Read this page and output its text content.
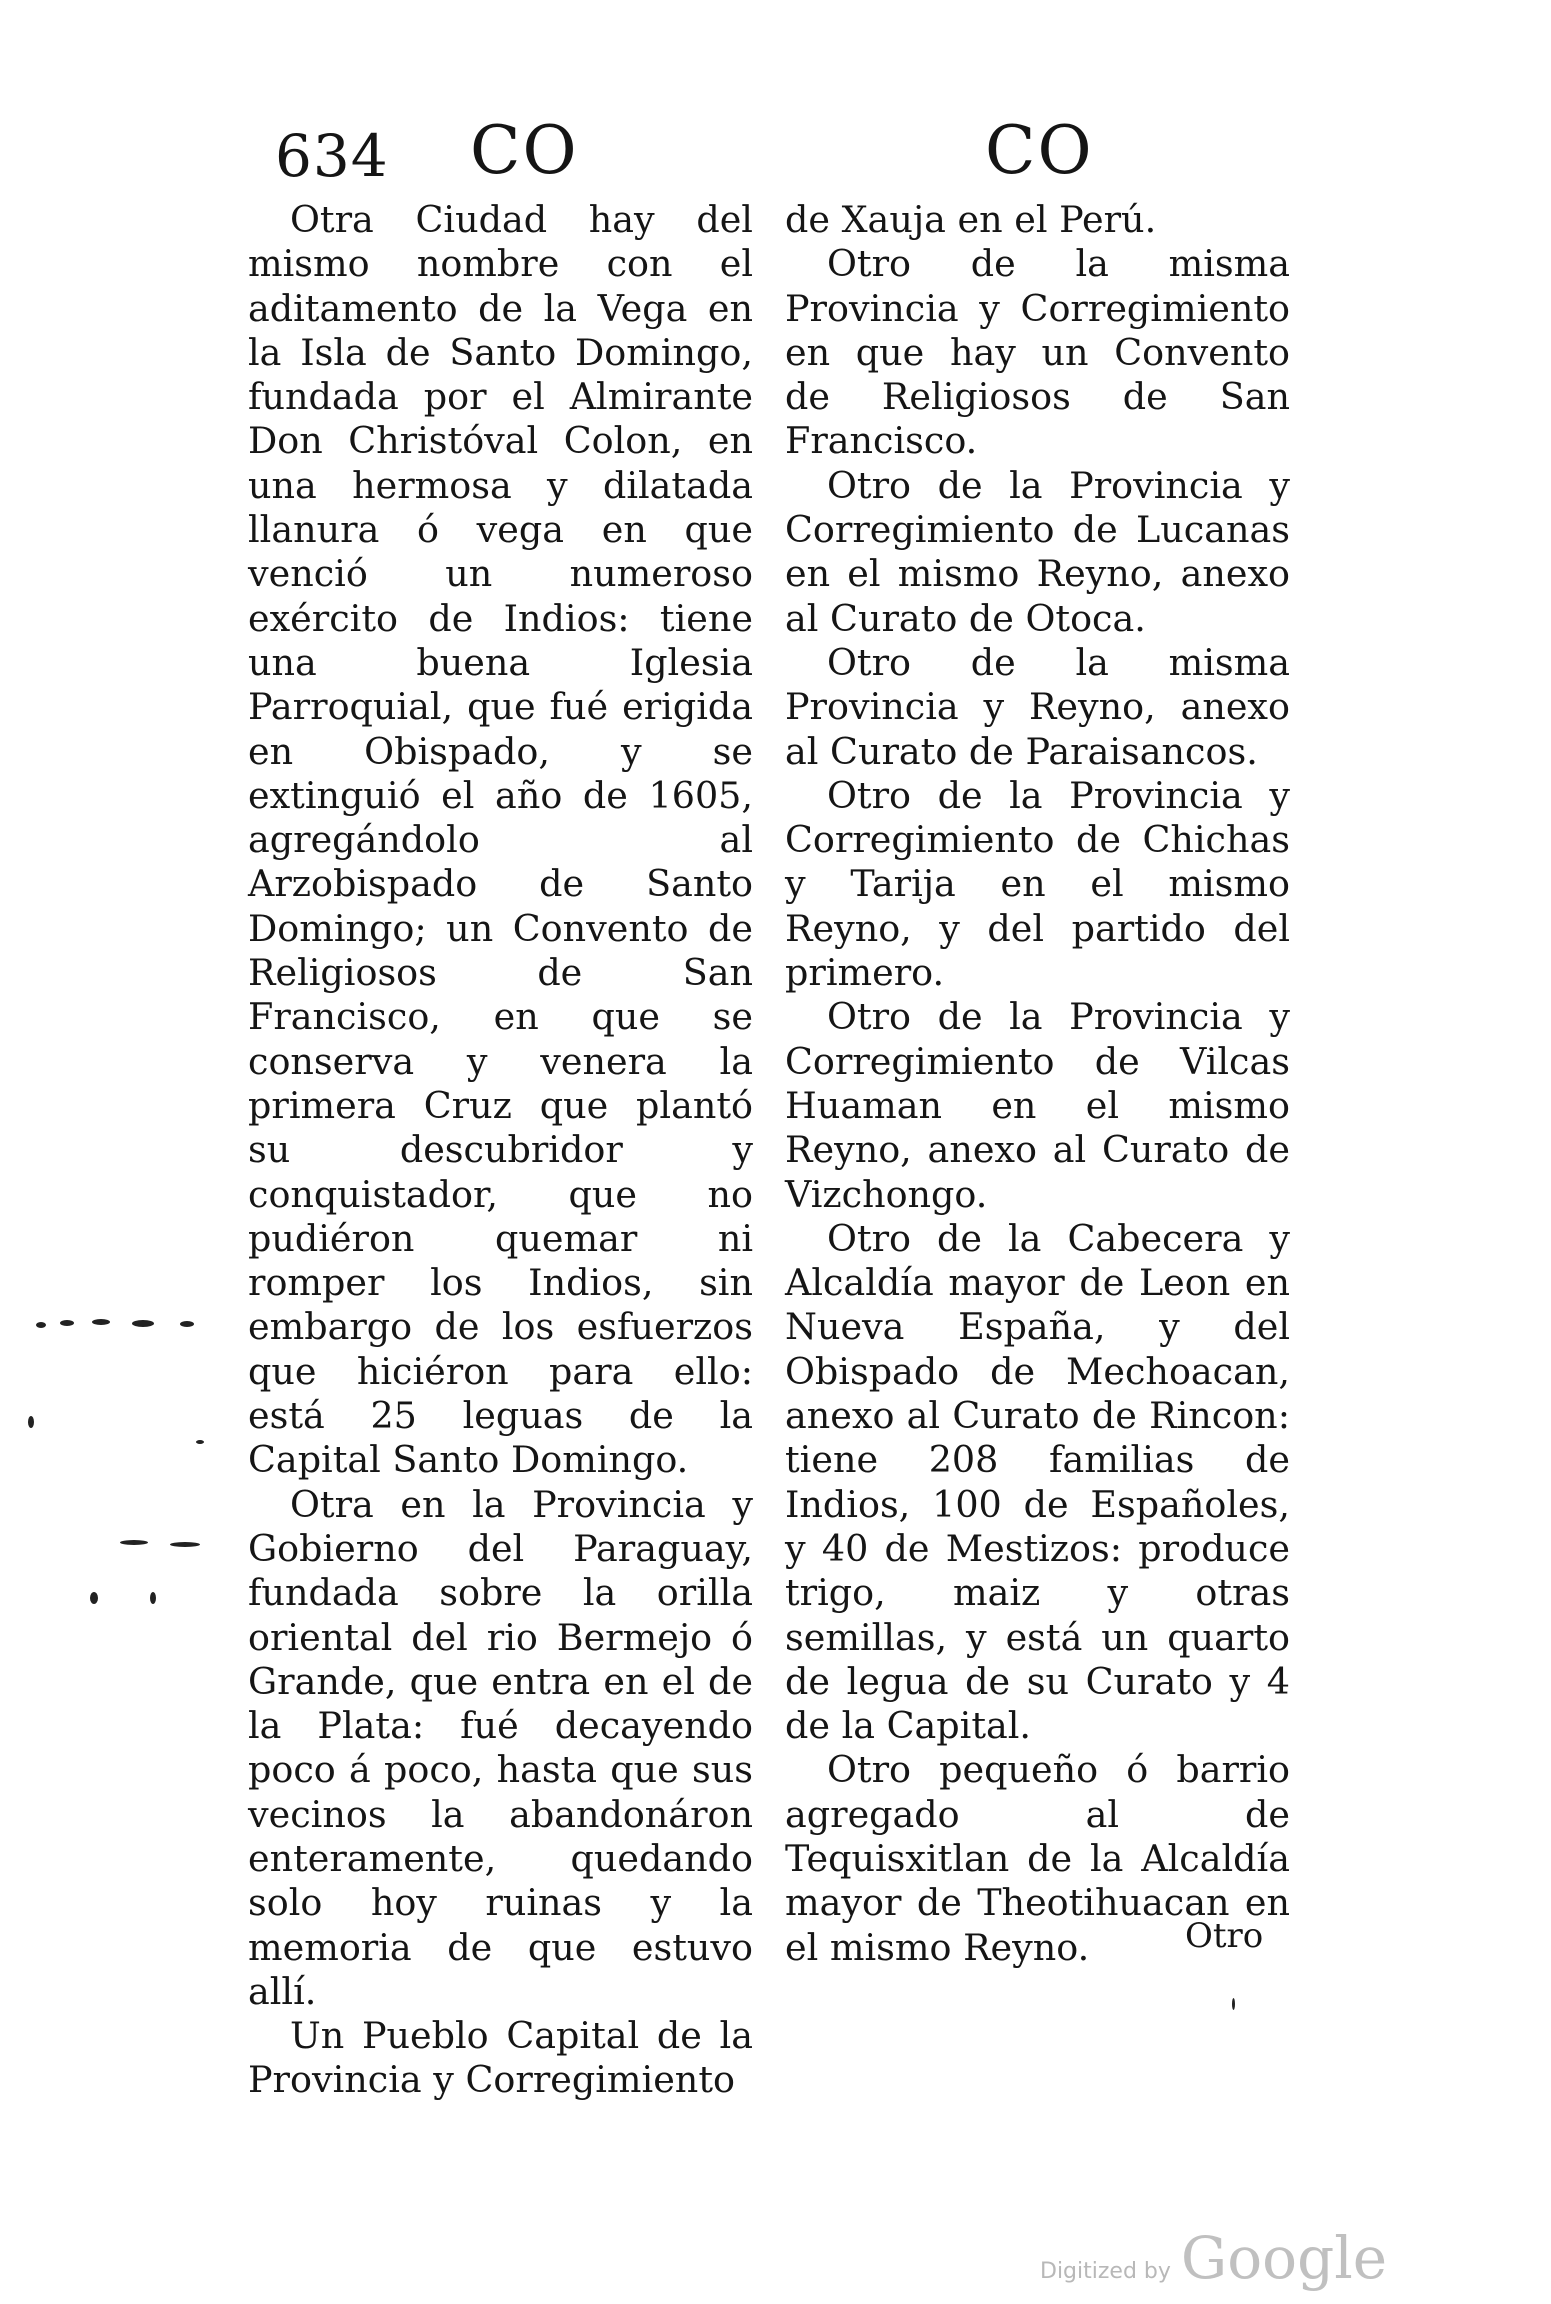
634 CO	CO

Otra Ciudad hay del mismo nombre con el aditamento de la Vega en la Isla de Santo Domingo, fundada por el Almirante Don Christóval Colon, en una hermosa y dilatada llanura ó vega en que venció un numeroso exército de Indios: tiene una buena Iglesia Parroquial, que fué erigida en Obispado, y se extinguió el año de 1605, agregándolo al Arzobispado de Santo Domingo; un Convento de Religiosos de San Francisco, en que se conserva y venera la primera Cruz que plantó su descubridor y conquistador, que no pudiéron quemar ni romper los Indios, sin embargo de los esfuerzos que hiciéron para ello: está 25 leguas de la Capital Santo Domingo.

Otra en la Provincia y Gobierno del Paraguay, fundada sobre la orilla oriental del rio Bermejo ó Grande, que entra en el de la Plata: fué decayendo poco á poco, hasta que sus vecinos la abandonáron enteramente, quedando solo hoy ruinas y la memoria de que estuvo allí.

Un Pueblo Capital de la Provincia y Corregimiento

de Xauja en el Perú.

Otro de la misma Provincia y Corregimiento en que hay un Convento de Religiosos de San Francisco.

Otro de la Provincia y Corregimiento de Lucanas en el mismo Reyno, anexo al Curato de Otoca.

Otro de la misma Provincia y Reyno, anexo al Curato de Paraisancos.

Otro de la Provincia y Corregimiento de Chichas y Tarija en el mismo Reyno, y del partido del primero.

Otro de la Provincia y Corregimiento de Vilcas Huaman en el mismo Reyno, anexo al Curato de Vizchongo.

Otro de la Cabecera y Alcaldía mayor de Leon en Nueva España, y del Obispado de Mechoacan, anexo al Curato de Rincon: tiene 208 familias de Indios, 100 de Españoles, y 40 de Mestizos: produce trigo, maiz y otras semillas, y está un quarto de legua de su Curato y 4 de la Capital.

Otro pequeño ó barrio agregado al de Tequisxitlan de la Alcaldía mayor de Theotihuacan en el mismo Reyno.	Otro
Digitized by Google
